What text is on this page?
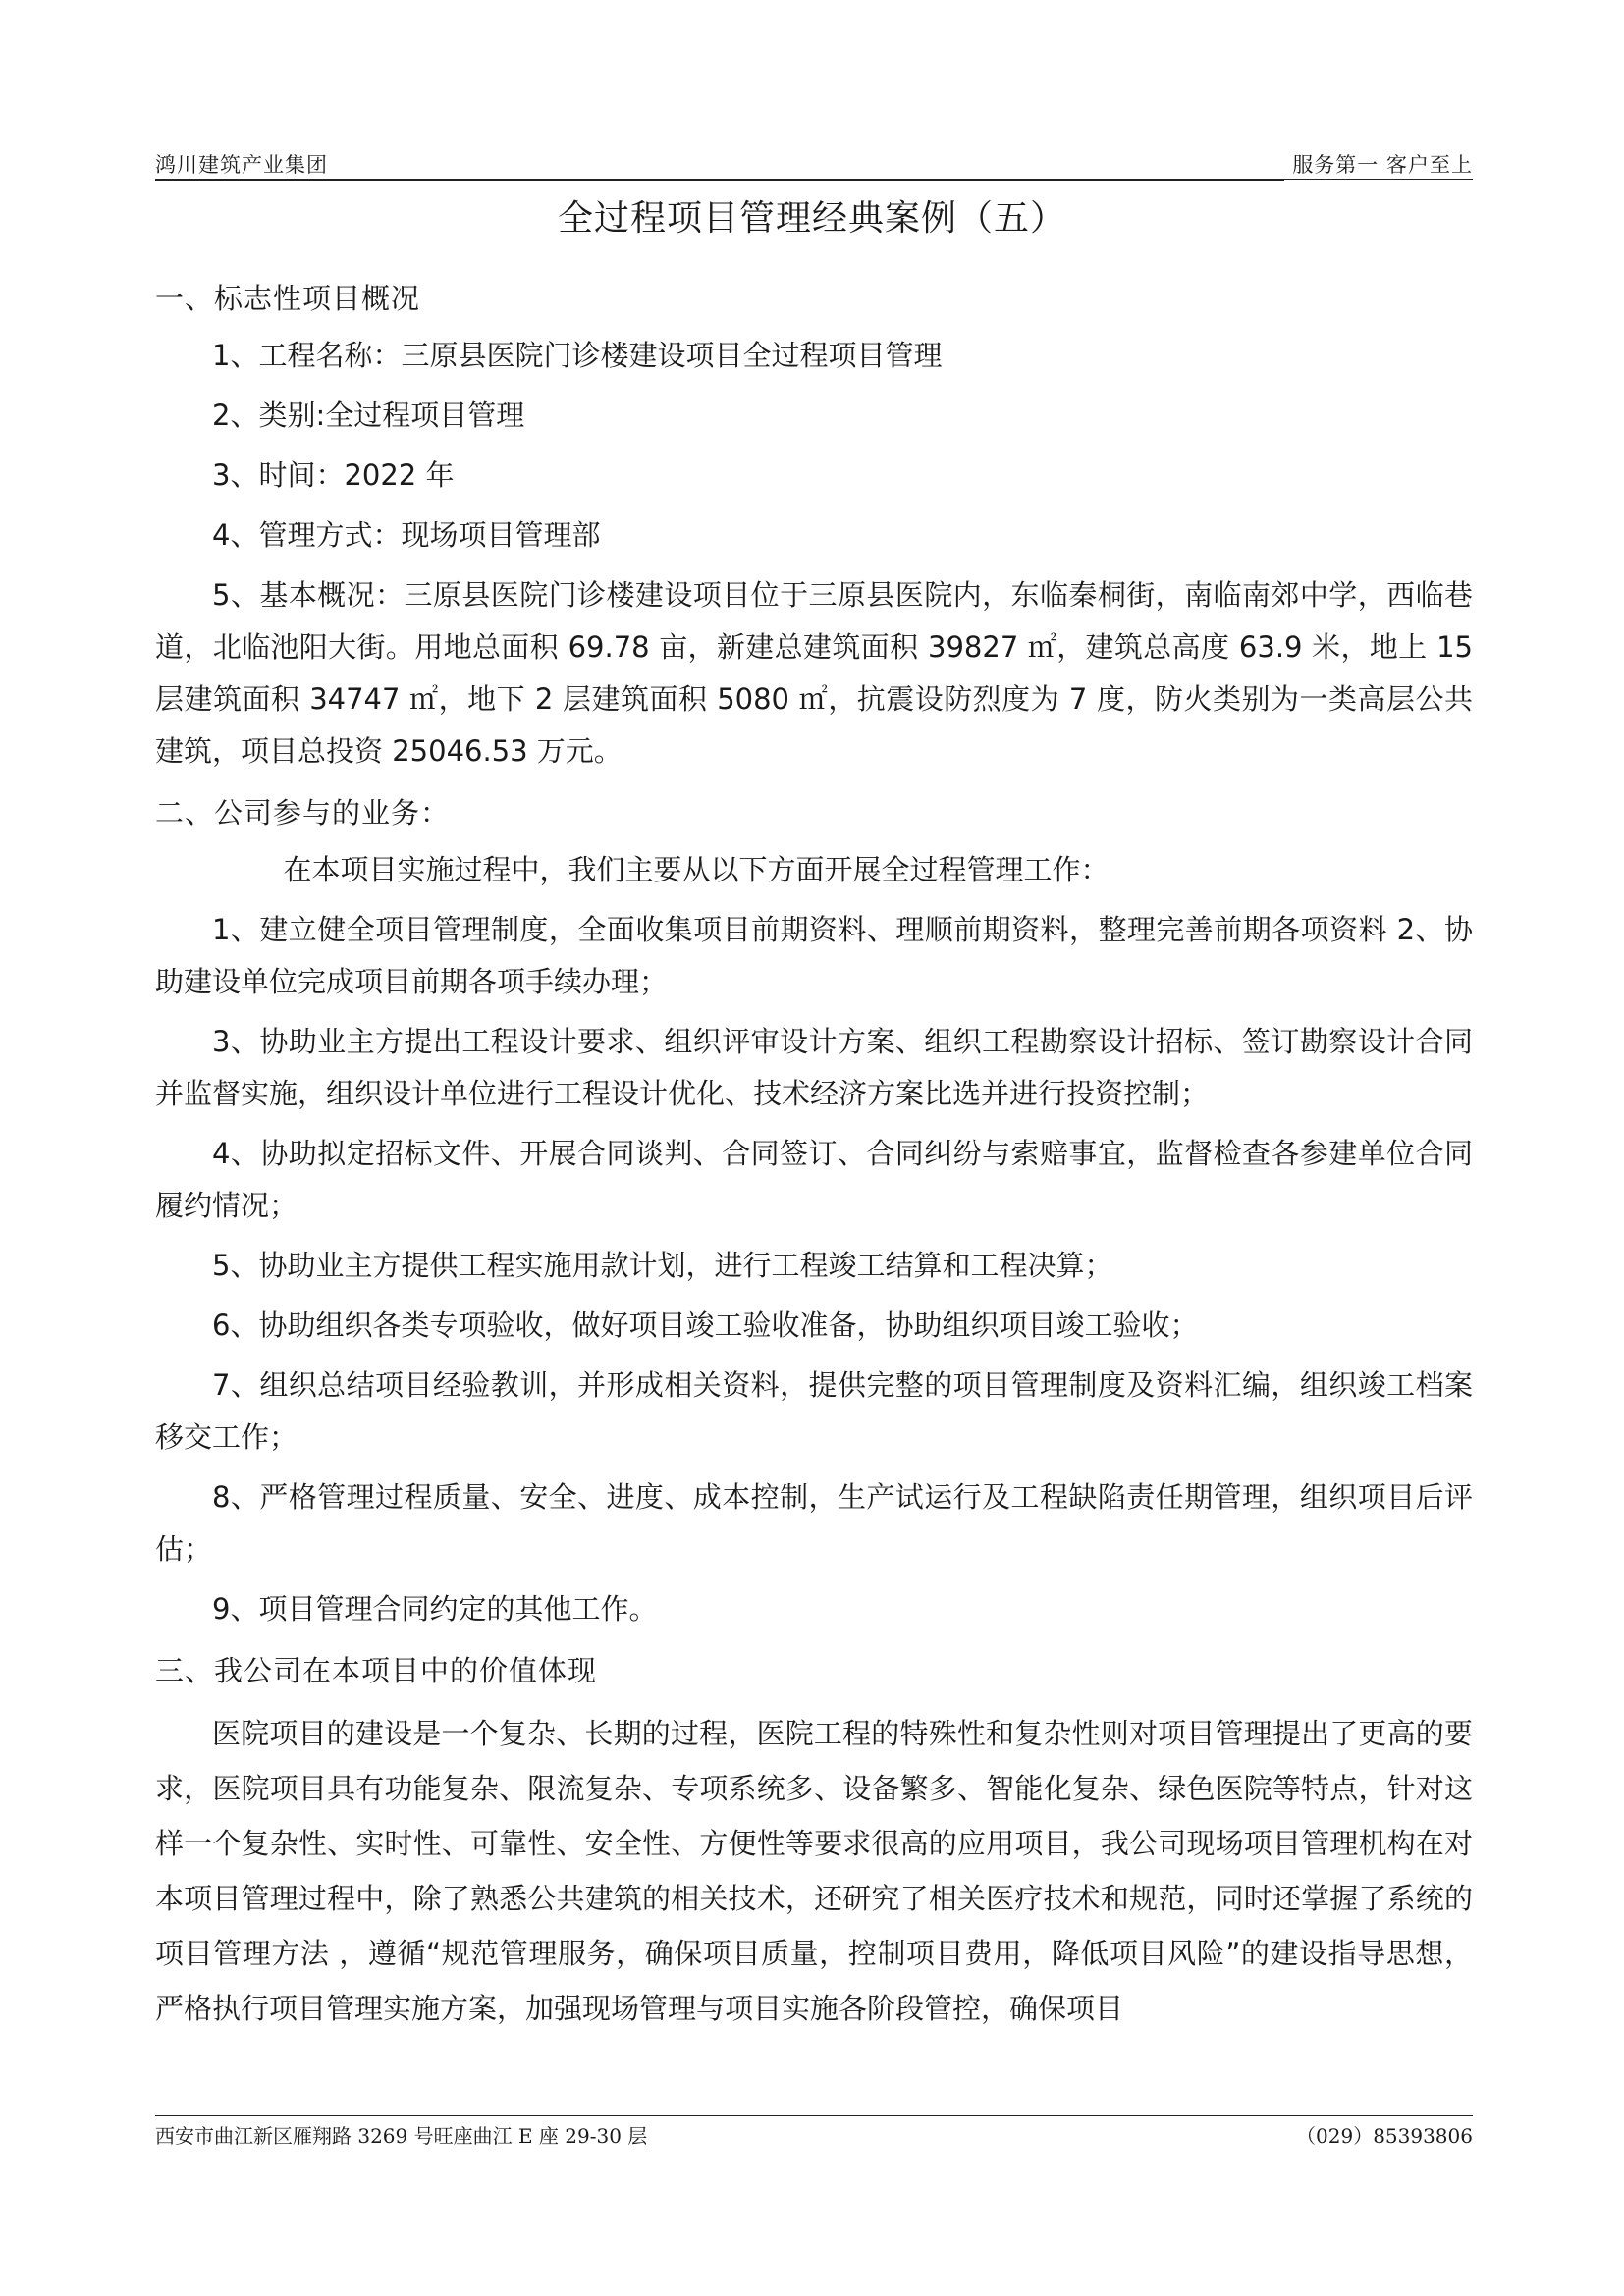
鸿川建筑产业集团	服务第一 客户至上
全过程项目管理经典案例（五）
一、标志性项目概况

1、工程名称：三原县医院门诊楼建设项目全过程项目管理

2、类别:全过程项目管理

3、时间：2022 年

4、管理方式：现场项目管理部

5、基本概况：三原县医院门诊楼建设项目位于三原县医院内，东临秦桐街，南临南郊中学，西临巷道，北临池阳大街。用地总面积 69.78 亩，新建总建筑面积 39827 ㎡，建筑总高度 63.9 米，地上 15 层建筑面积 34747 ㎡，地下 2 层建筑面积 5080 ㎡，抗震设防烈度为 7 度，防火类别为一类高层公共建筑，项目总投资 25046.53 万元。

二、公司参与的业务：

在本项目实施过程中，我们主要从以下方面开展全过程管理工作：

1、建立健全项目管理制度，全面收集项目前期资料、理顺前期资料，整理完善前期各项资料 2、协助建设单位完成项目前期各项手续办理；

3、协助业主方提出工程设计要求、组织评审设计方案、组织工程勘察设计招标、签订勘察设计合同并监督实施，组织设计单位进行工程设计优化、技术经济方案比选并进行投资控制；

4、协助拟定招标文件、开展合同谈判、合同签订、合同纠纷与索赔事宜，监督检查各参建单位合同履约情况；

5、协助业主方提供工程实施用款计划，进行工程竣工结算和工程决算；

6、协助组织各类专项验收，做好项目竣工验收准备，协助组织项目竣工验收；

7、组织总结项目经验教训，并形成相关资料，提供完整的项目管理制度及资料汇编，组织竣工档案移交工作；

8、严格管理过程质量、安全、进度、成本控制，生产试运行及工程缺陷责任期管理，组织项目后评估；

9、项目管理合同约定的其他工作。

三、我公司在本项目中的价值体现

医院项目的建设是一个复杂、长期的过程，医院工程的特殊性和复杂性则对项目管理提出了更高的要求，医院项目具有功能复杂、限流复杂、专项系统多、设备繁多、智能化复杂、绿色医院等特点，针对这样一个复杂性、实时性、可靠性、安全性、方便性等要求很高的应用项目，我公司现场项目管理机构在对本项目管理过程中，除了熟悉公共建筑的相关技术，还研究了相关医疗技术和规范，同时还掌握了系统的项目管理方法 ，遵循“规范管理服务，确保项目质量，控制项目费用，降低项目风险”的建设指导思想，严格执行项目管理实施方案，加强现场管理与项目实施各阶段管控，确保项目

西安市曲江新区雁翔路 3269 号旺座曲江 E 座 29-30 层	（029）85393806
